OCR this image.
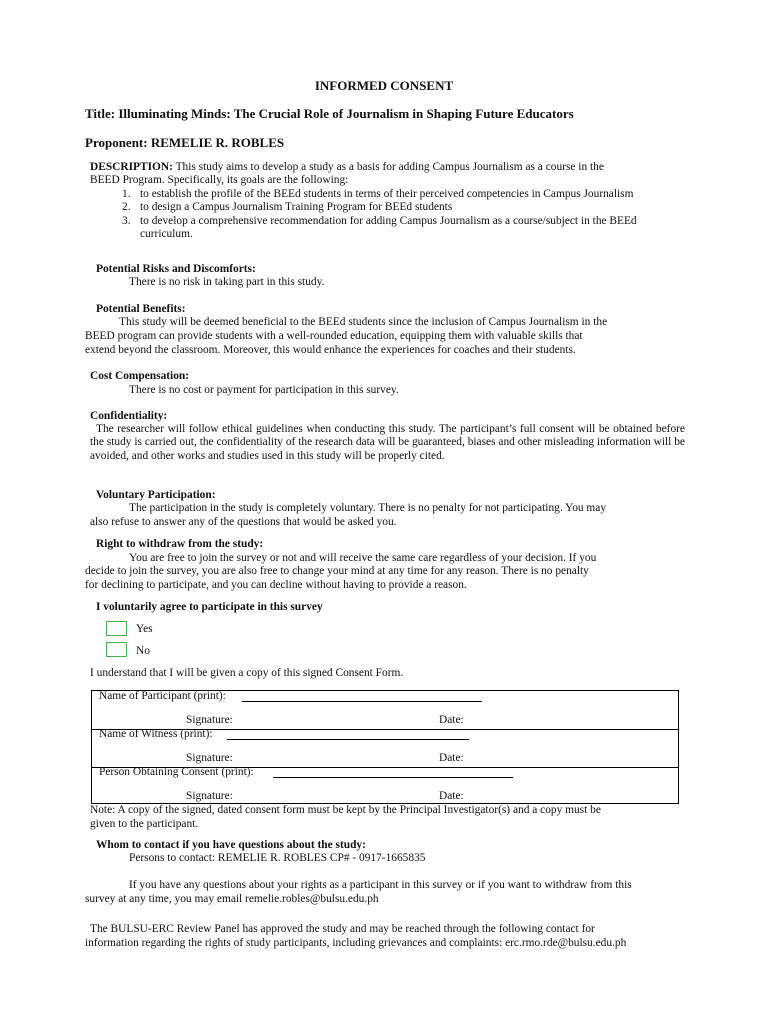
INFORMED CONSENT
Title: Illuminating Minds: The Crucial Role of Journalism in Shaping Future Educators
Proponent: REMELIE R. ROBLES
DESCRIPTION: This study aims to develop a study as a basis for adding Campus Journalism as a course in the
BEED Program. Specifically, its goals are the following:
1. to establish the profile of the BEEd students in terms of their perceived competencies in Campus Journalism
2. to design a Campus Journalism Training Program for BEEd students
3. to develop a comprehensive recommendation for adding Campus Journalism as a course/subject in the BEEd curriculum.
Potential Risks and Discomforts:
There is no risk in taking part in this study.
Potential Benefits:
This study will be deemed beneficial to the BEEd students since the inclusion of Campus Journalism in the
BEED program can provide students with a well-rounded education, equipping them with valuable skills that
extend beyond the classroom. Moreover, this would enhance the experiences for coaches and their students.
Cost Compensation:
There is no cost or payment for participation in this survey.
Confidentiality:
The researcher will follow ethical guidelines when conducting this study. The participant’s full consent will be obtained before the study is carried out, the confidentiality of the research data will be guaranteed, biases and other misleading information will be avoided, and other works and studies used in this study will be properly cited.
Voluntary Participation:
The participation in the study is completely voluntary. There is no penalty for not participating. You may
also refuse to answer any of the questions that would be asked you.
Right to withdraw from the study:
You are free to join the survey or not and will receive the same care regardless of your decision. If you
decide to join the survey, you are also free to change your mind at any time for any reason. There is no penalty
for declining to participate, and you can decline without having to provide a reason.
I voluntarily agree to participate in this survey
Yes
No
I understand that I will be given a copy of this signed Consent Form.
Name of Participant (print):
Signature:	Date:
Name of Witness (print):
Signature:	Date:
Person Obtaining Consent (print):
Signature:	Date:
Note: A copy of the signed, dated consent form must be kept by the Principal Investigator(s) and a copy must be
given to the participant.
Whom to contact if you have questions about the study:
Persons to contact: REMELIE R. ROBLES CP# - 0917-1665835
If you have any questions about your rights as a participant in this survey or if you want to withdraw from this
survey at any time, you may email remelie.robles@bulsu.edu.ph
The BULSU-ERC Review Panel has approved the study and may be reached through the following contact for
information regarding the rights of study participants, including grievances and complaints: erc.rmo.rde@bulsu.edu.ph
